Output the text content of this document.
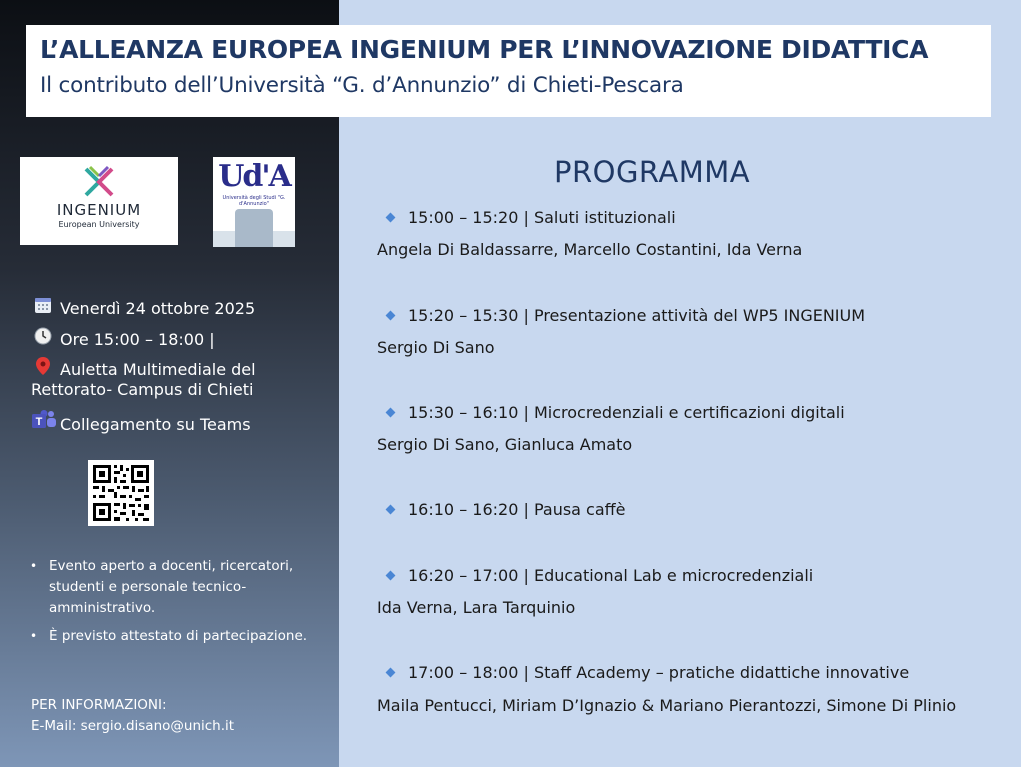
L’ALLEANZA EUROPEA INGENIUM PER L’INNOVAZIONE DIDATTICA
Il contributo dell’Università “G. d’Annunzio” di Chieti-Pescara
INGENIUM
European University
Ud'A
Università degli Studi "G. d'Annunzio"
Venerdì 24 ottobre 2025
Ore 15:00 – 18:00 |
Auletta Multimediale del
Rettorato- Campus di Chieti
T Collegamento su Teams
• Evento aperto a docenti, ricercatori, studenti e personale tecnico-amministrativo.
• È previsto attestato di partecipazione.
PER INFORMAZIONI:
E-Mail: sergio.disano@unich.it
PROGRAMMA
15:00 – 15:20 | Saluti istituzionali
Angela Di Baldassarre, Marcello Costantini, Ida Verna
15:20 – 15:30 | Presentazione attività del WP5 INGENIUM
Sergio Di Sano
15:30 – 16:10 | Microcredenziali e certificazioni digitali
Sergio Di Sano, Gianluca Amato
16:10 – 16:20 | Pausa caffè
16:20 – 17:00 | Educational Lab e microcredenziali
Ida Verna, Lara Tarquinio
17:00 – 18:00 | Staff Academy – pratiche didattiche innovative
Maila Pentucci, Miriam D’Ignazio & Mariano Pierantozzi, Simone Di Plinio
